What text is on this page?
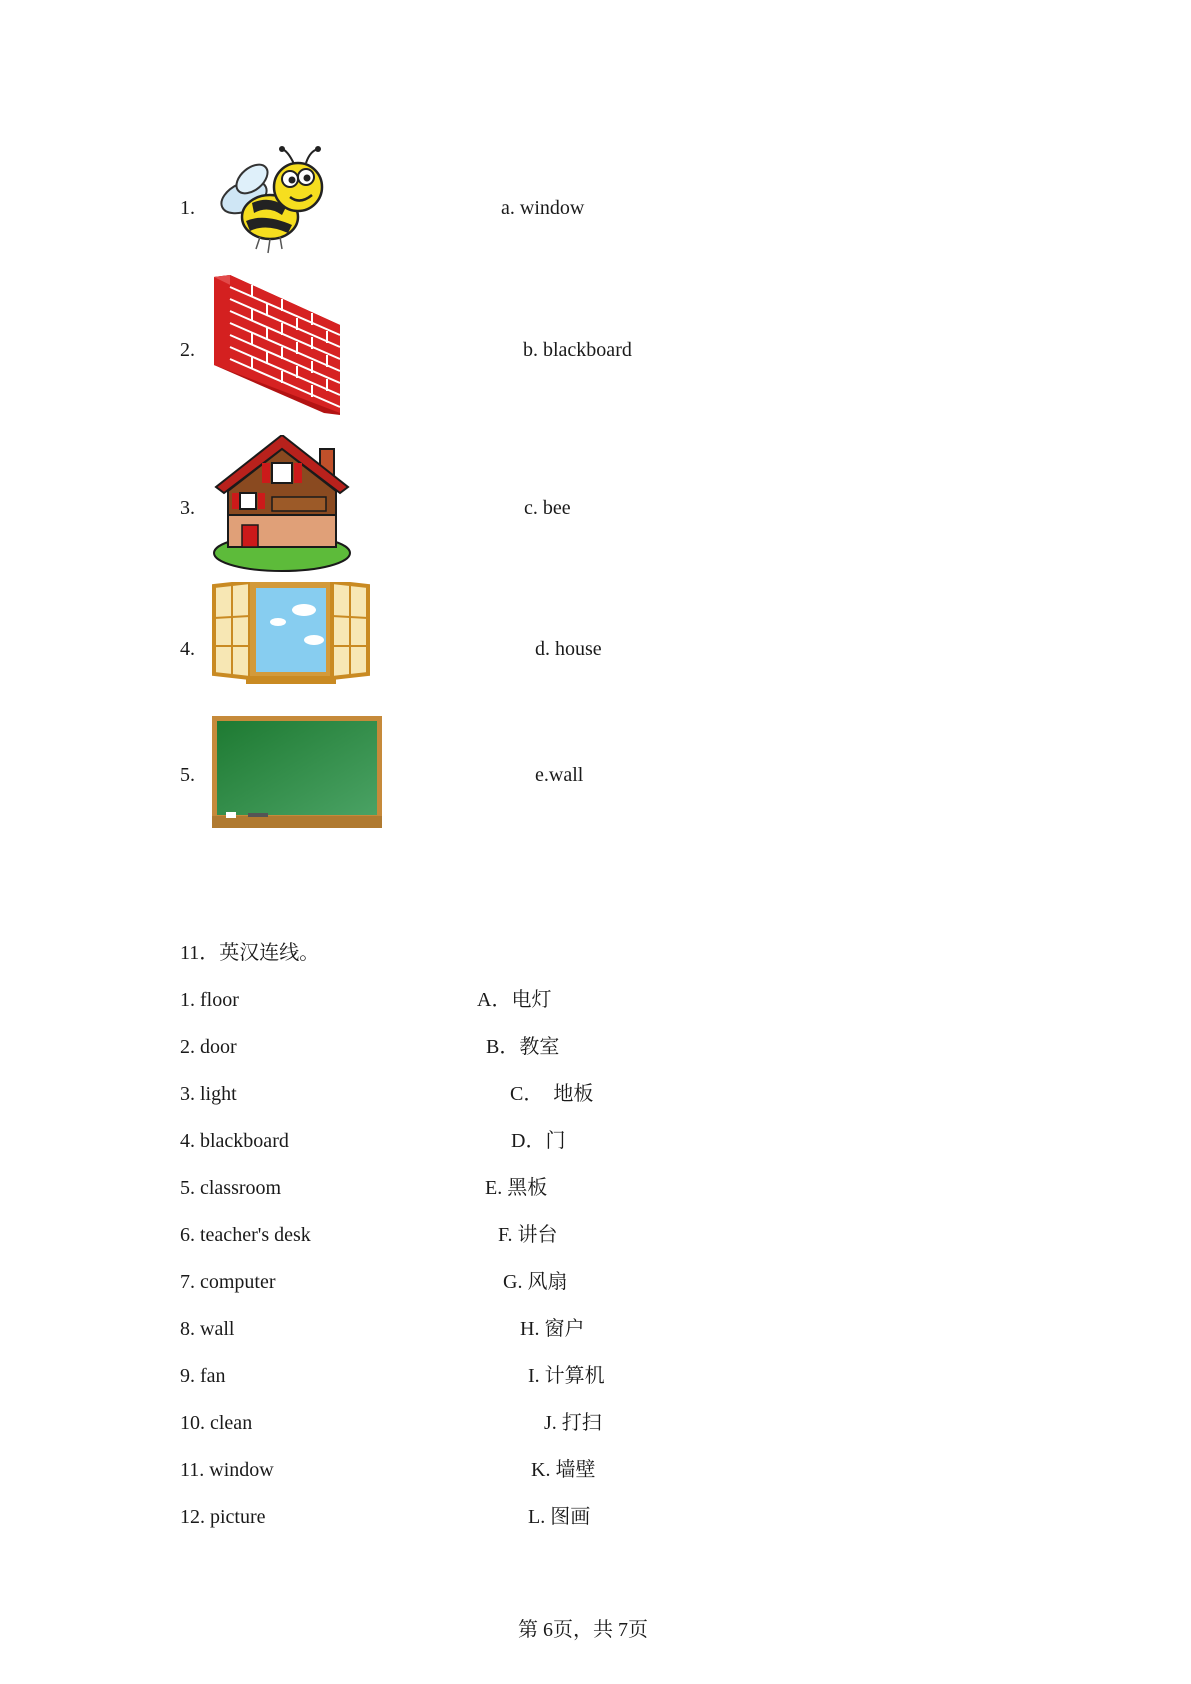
1.
2.
3.
4.
5.
a. window
b. blackboard
c. bee
d. house
e.wall
11．英汉连线。
1. floor
2. door
3. light
4. blackboard
5. classroom
6. teacher's desk
7. computer
8. wall
9. fan
10. clean
11. window
12. picture
A．电灯
B．教室
C．  地板
D．门
E. 黑板
F. 讲台
G. 风扇
H. 窗户
I. 计算机
J. 打扫
K. 墙壁
L. 图画
第 6页，共 7页
